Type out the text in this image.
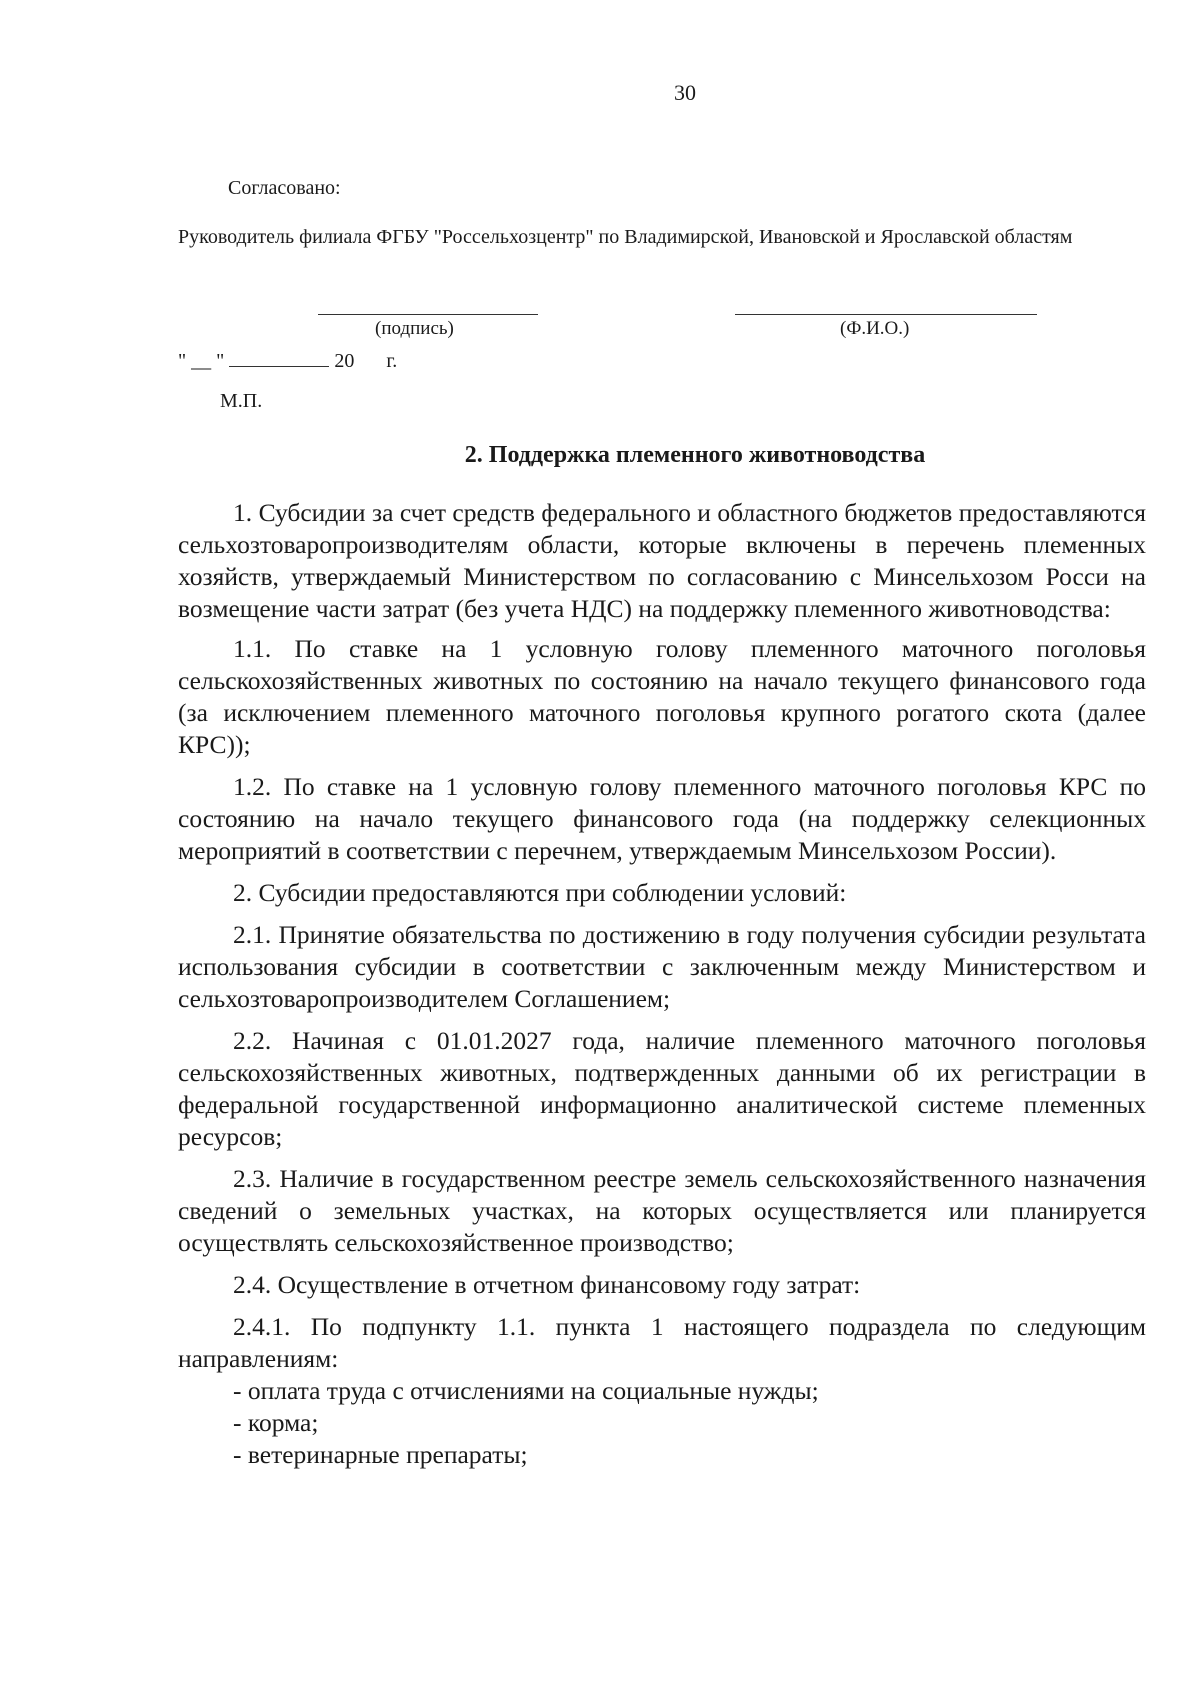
30
Согласовано:
Руководитель филиала ФГБУ "Россельхозцентр" по Владимирской, Ивановской и Ярославской областям
(подпись)	(Ф.И.О.)
" __ "	20 г.
М.П.
2. Поддержка племенного животноводства

1. Субсидии за счет средств федерального и областного бюджетов предоставляются сельхозтоваропроизводителям области, которые включены в перечень племенных хозяйств, утверждаемый Министерством по согласованию с Минсельхозом Росси на возмещение части затрат (без учета НДС) на поддержку племенного животноводства:

1.1. По ставке на 1 условную голову племенного маточного поголовья сельскохозяйственных животных по состоянию на начало текущего финансового года (за исключением племенного маточного поголовья крупного рогатого скота (далее КРС));

1.2. По ставке на 1 условную голову племенного маточного поголовья КРС по состоянию на начало текущего финансового года (на поддержку селекционных мероприятий в соответствии с перечнем, утверждаемым Минсельхозом России).

2. Субсидии предоставляются при соблюдении условий:

2.1. Принятие обязательства по достижению в году получения субсидии результата использования субсидии в соответствии с заключенным между Министерством и сельхозтоваропроизводителем Соглашением;

2.2. Начиная с 01.01.2027 года, наличие племенного маточного поголовья сельскохозяйственных животных, подтвержденных данными об их регистрации в федеральной государственной информационно аналитической системе племенных ресурсов;

2.3. Наличие в государственном реестре земель сельскохозяйственного назначения сведений о земельных участках, на которых осуществляется или планируется осуществлять сельскохозяйственное производство;

2.4. Осуществление в отчетном финансовому году затрат:

2.4.1. По подпункту 1.1. пункта 1 настоящего подраздела по следующим направлениям:

- оплата труда с отчислениями на социальные нужды;

- корма;

- ветеринарные препараты;
